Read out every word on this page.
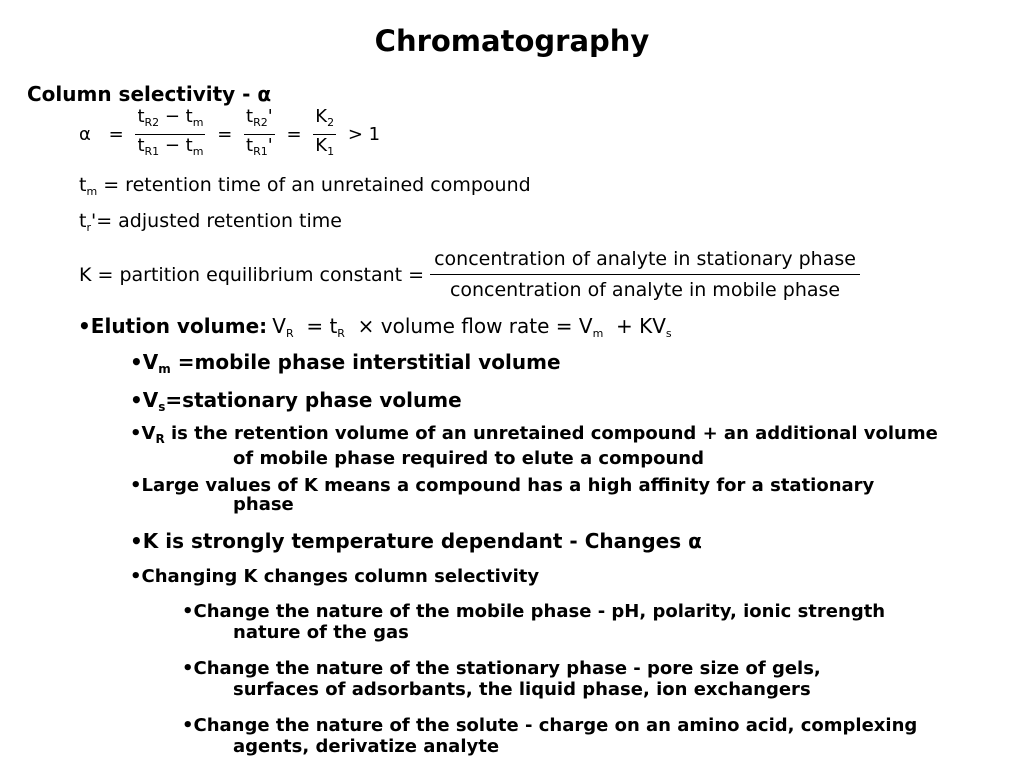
Chromatography
Column selectivity - α
$\alpha = \frac{t_{R2} - t_m}{t_{R1} - t_m} = \frac{t_{R2}'}{t_{R1}'} = \frac{K_2}{K_1} > 1$
$t_m$ = retention time of an unretained compound
$t_r'=$ adjusted retention time
K = partition equilibrium constant = $\frac{\text{concentration of analyte in stationary phase}}{\text{concentration of analyte in mobile phase}}$
•Elution volume: $V_R = t_R$  × volume flow rate = $V_m + KV_s$
$•V_m$ =mobile phase interstitial volume
$•V_s=stationary$ phase volume
$•V_R$ is the retention volume of an unretained compound + an additional volume
of mobile phase required to elute a compound
•Large values of K means a compound has a high affinity for a stationary
phase
•K is strongly temperature dependant - Changes α
•Changing K changes column selectivity
•Change the nature of the mobile phase - pH, polarity, ionic strength
nature of the gas
•Change the nature of the stationary phase - pore size of gels,
surfaces of adsorbants, the liquid phase, ion exchangers
•Change the nature of the solute - charge on an amino acid, complexing
agents, derivatize analyte
